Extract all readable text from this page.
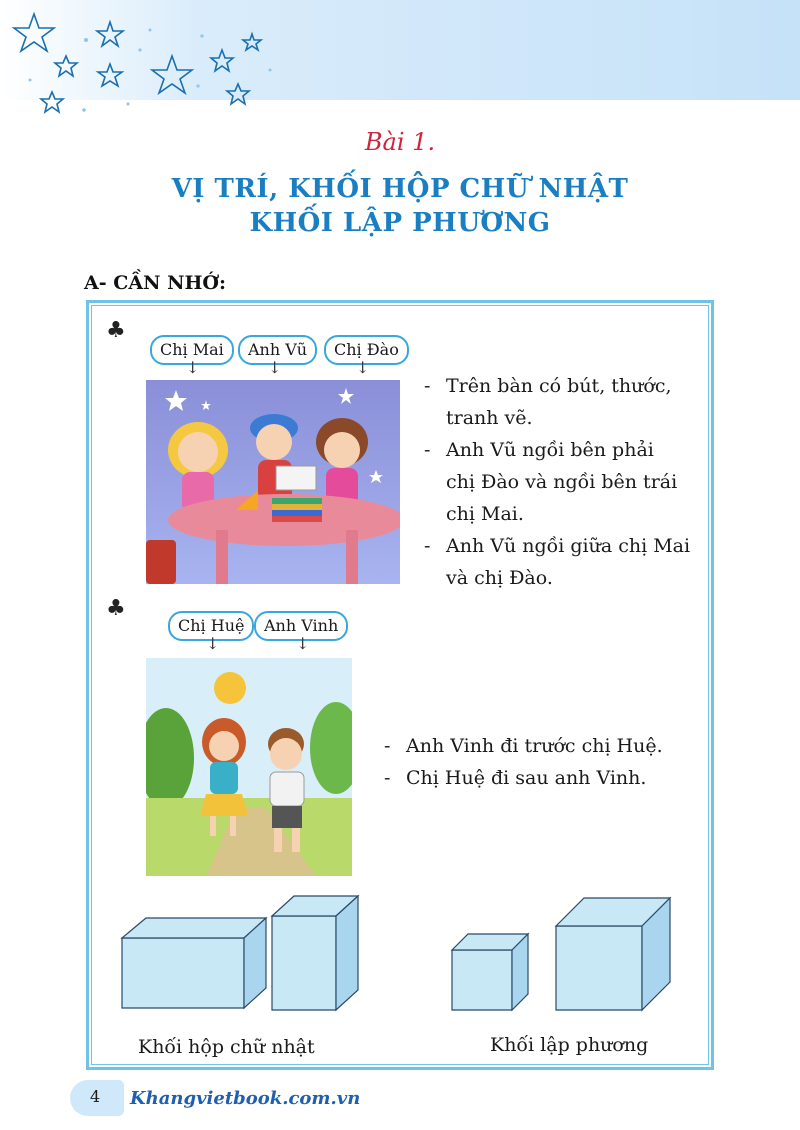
Bài 1.
VỊ TRÍ, KHỐI HỘP CHỮ NHẬT
KHỐI LẬP PHƯƠNG
A- CẦN NHỚ:
♣
Chị Mai	Anh Vũ	Chị Đào
↓	↓	↓
- Trên bàn có bút, thước,
tranh vẽ.
- Anh Vũ ngồi bên phải
chị Đào và ngồi bên trái
chị Mai.
- Anh Vũ ngồi giữa chị Mai
và chị Đào.
♣
Chị Huệ	Anh Vinh
↓	↓
- Anh Vinh đi trước chị Huệ.
- Chị Huệ đi sau anh Vinh.
Khối hộp chữ nhật	Khối lập phương
4 Khangvietbook.com.vn
